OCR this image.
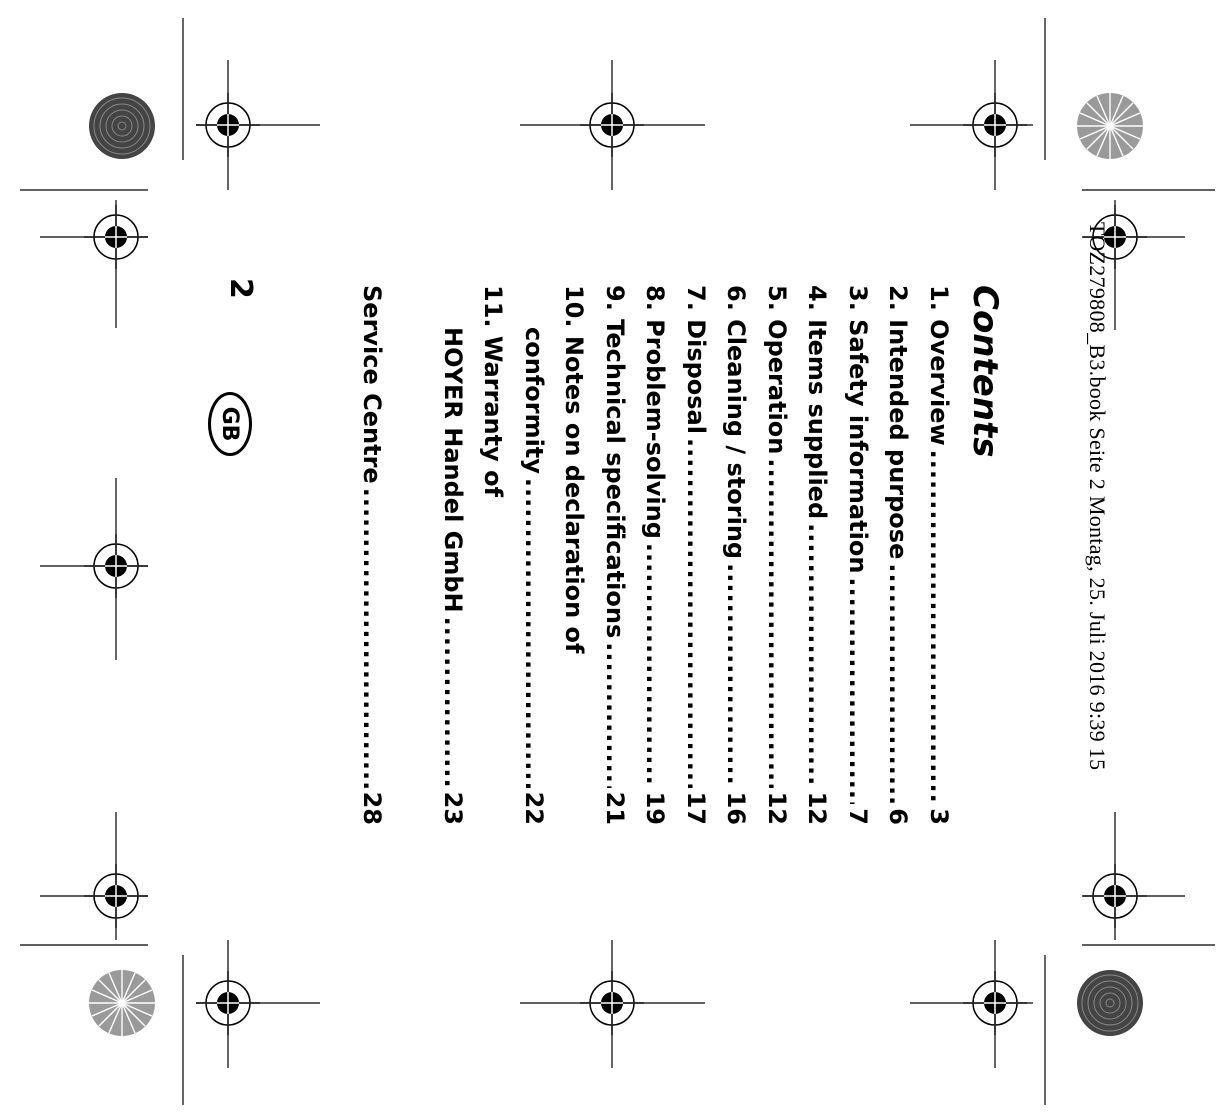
TOZ279808_B3.book Seite 2 Montag, 25. Juli 2016 9:39 15
Contents
1. Overview
.....
3
2. Intended purpose
.....
6
3. Safety information
.....
7
4. Items supplied
.....
12
5. Operation
.....
12
6. Cleaning / storing
.....
16
7. Disposal
.....
17
8. Problem-solving
.....
19
9. Technical specifications
.....
21
10. Notes on declaration of
conformity
.....
22
11. Warranty of
HOYER Handel GmbH
.....
23
Service Centre
.....
28
2
GB
